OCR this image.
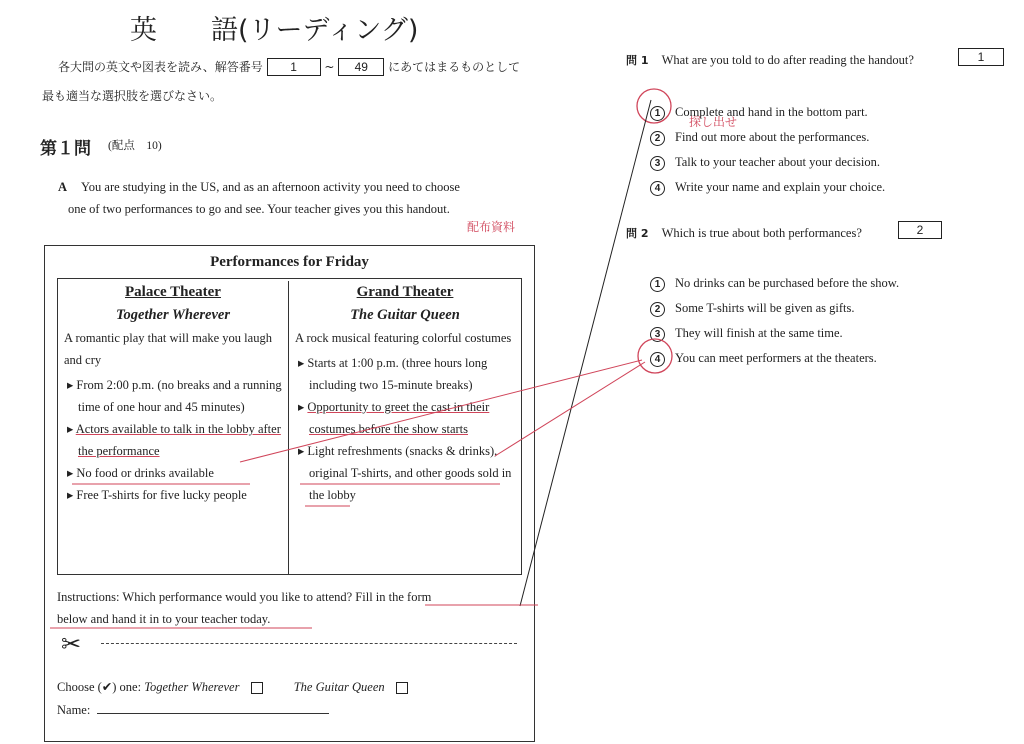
英　　語(リーディング)
各大問の英文や図表を読み、解答番号 1 ~ 49 にあてはまるものとして
最も適当な選択肢を選びなさい。
第１問 (配点　10)
A You are studying in the US, and as an afternoon activity you need to choose
one of two performances to go and see. Your teacher gives you this handout.
配布資料
Performances for Friday
Palace Theater
Together Wherever
A romantic play that will make you laugh and cry
▸ From 2:00 p.m. (no breaks and a running time of one hour and 45 minutes)
▸ Actors available to talk in the lobby after the performance
▸ No food or drinks available
▸ Free T-shirts for five lucky people
Grand Theater
The Guitar Queen
A rock musical featuring colorful costumes
▸ Starts at 1:00 p.m. (three hours long including two 15-minute breaks)
▸ Opportunity to greet the cast in their costumes before the show starts
▸ Light refreshments (snacks & drinks), original T-shirts, and other goods sold in the lobby
Instructions: Which performance would you like to attend? Fill in the form
below and hand it in to your teacher today.
✂
Choose (✔) one: Together Wherever	The Guitar Queen
Name:
問 1 What are you told to do after reading the handout?	1
1 Complete and hand in the bottom part.
2 Find out more about the performances.
3 Talk to your teacher about your decision.
4 Write your name and explain your choice.
探し出せ
問 2 Which is true about both performances?	2
1 No drinks can be purchased before the show.
2 Some T-shirts will be given as gifts.
3 They will finish at the same time.
4 You can meet performers at the theaters.
